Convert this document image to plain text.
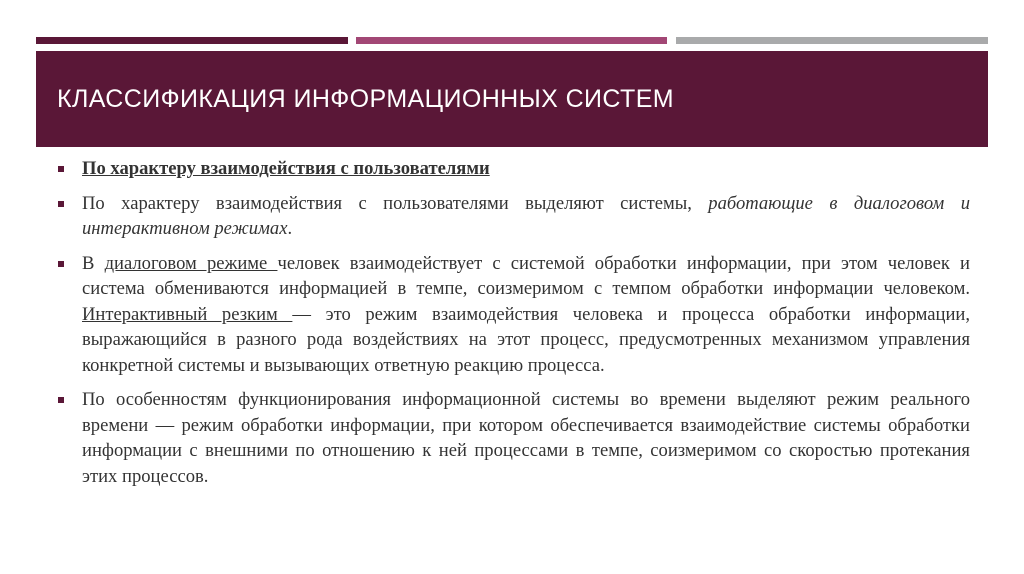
КЛАССИФИКАЦИЯ ИНФОРМАЦИОННЫХ СИСТЕМ
По характеру взаимодействия с пользователями
По характеру взаимодействия с пользователями выделяют системы, работающие в диалоговом и интерактивном режимах.
В диалоговом режиме человек взаимодействует с системой обработки информации, при этом человек и система обмениваются информацией в темпе, соизмеримом с темпом обработки информации человеком. Интерактивный резким — это режим взаимодействия человека и процесса обработки информации, выражающийся в разного рода воздействиях на этот процесс, предусмотренных механизмом управления конкретной системы и вызывающих ответную реакцию процесса.
По особенностям функционирования информационной системы во времени выделяют режим реального времени — режим обработки информации, при котором обеспечивается взаимодействие системы обработки информации с внешними по отношению к ней процессами в темпе, соизмеримом со скоростью протекания этих процессов.
